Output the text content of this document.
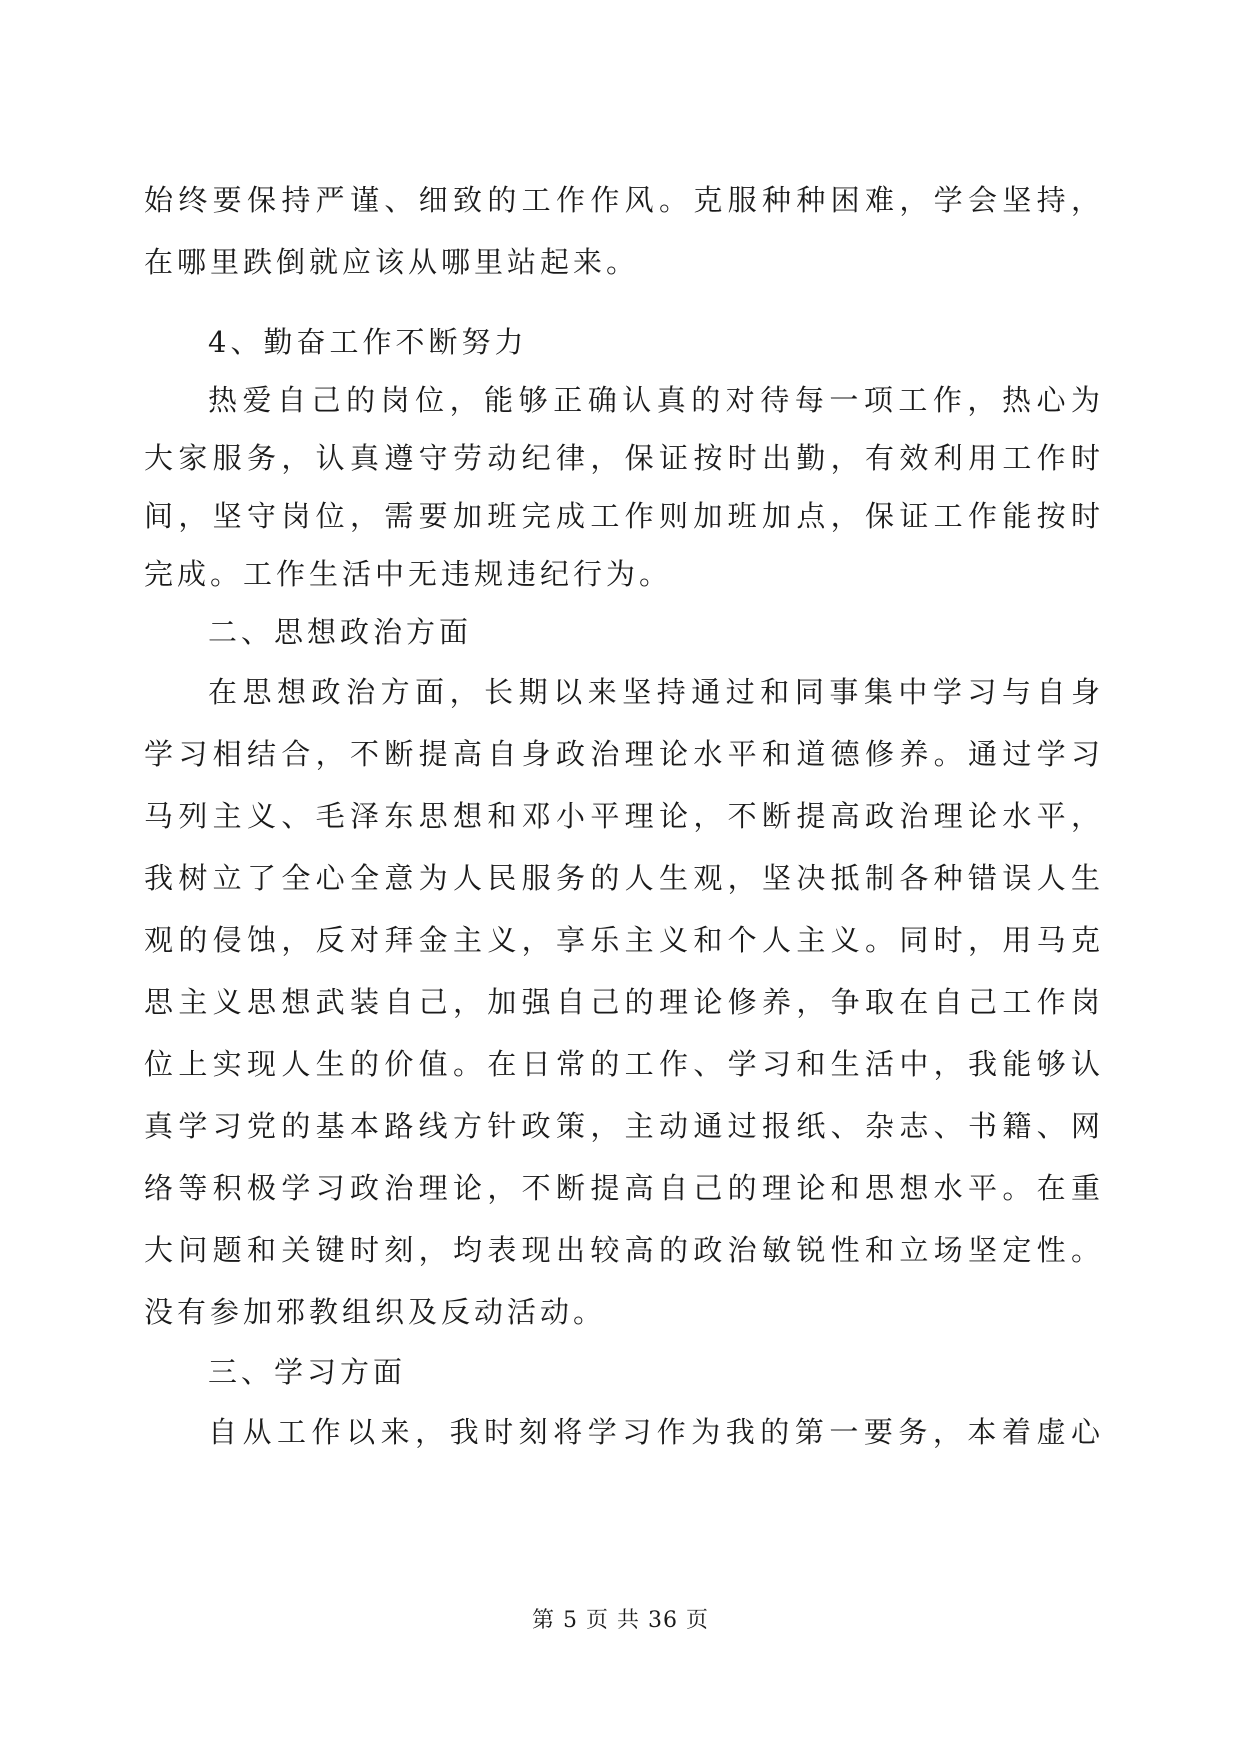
始终要保持严谨、细致的工作作风。克服种种困难，学会坚持，
在哪里跌倒就应该从哪里站起来。
4、勤奋工作不断努力
热爱自己的岗位，能够正确认真的对待每一项工作，热心为
大家服务，认真遵守劳动纪律，保证按时出勤，有效利用工作时
间，坚守岗位，需要加班完成工作则加班加点，保证工作能按时
完成。工作生活中无违规违纪行为。
二、思想政治方面
在思想政治方面，长期以来坚持通过和同事集中学习与自身
学习相结合，不断提高自身政治理论水平和道德修养。通过学习
马列主义、毛泽东思想和邓小平理论，不断提高政治理论水平，
我树立了全心全意为人民服务的人生观，坚决抵制各种错误人生
观的侵蚀，反对拜金主义，享乐主义和个人主义。同时，用马克
思主义思想武装自己，加强自己的理论修养，争取在自己工作岗
位上实现人生的价值。在日常的工作、学习和生活中，我能够认
真学习党的基本路线方针政策，主动通过报纸、杂志、书籍、网
络等积极学习政治理论，不断提高自己的理论和思想水平。在重
大问题和关键时刻，均表现出较高的政治敏锐性和立场坚定性。
没有参加邪教组织及反动活动。
三、学习方面
自从工作以来，我时刻将学习作为我的第一要务，本着虚心
第 5 页 共 36 页
